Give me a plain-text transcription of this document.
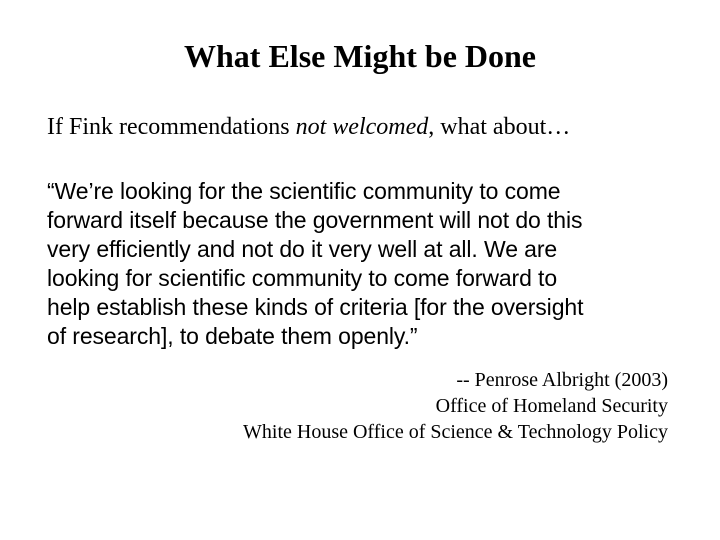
What Else Might be Done
If Fink recommendations not welcomed, what about…
“We’re looking for the scientific community to come
forward itself because the government will not do this
very efficiently and not do it very well at all. We are
looking for scientific community to come forward to
help establish these kinds of criteria [for the oversight
of research], to debate them openly.”
-- Penrose Albright (2003)
Office of Homeland Security
White House Office of Science & Technology Policy
